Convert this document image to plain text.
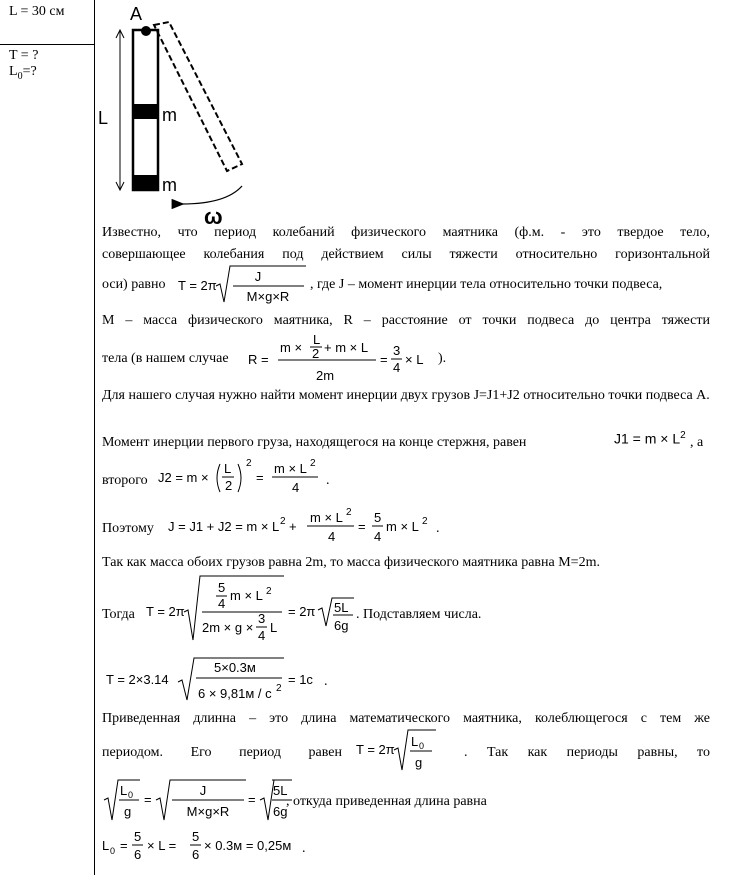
L = 30 см
T = ?
$L_0=$?
L	m
m
A
ω
Известно, что период колебаний физического маятника (ф.м. - это твердое тело,
совершающее колебания под действием силы тяжести относительно горизонтальной
оси) равно T = 2π
J
M×g×R
, где J – момент инерции тела относительно точки подвеса,
M – масса физического маятника, R – расстояние от точки подвеса до центра тяжести
тела (в нашем случае	R =
m ×
L
2 + m × L
2m
=
3
4
× L ).
Для нашего случая нужно найти момент инерции двух грузов J=J1+J2 относительно точки подвеса A.
Момент инерции первого груза, находящегося на конце стержня, равен	$J1 = m \times L^2$ , а
второго J2 = m ×
L
2
2
=
m × L 2
4 .
Поэтому	J = J1 + J2 = m × L 2 +
m × L 2
4
=
5
4
m × L 2 .
Так как масса обоих грузов равна 2m, то масса физического маятника равна M=2m.
Тогда T = 2π
5
4
m × L 2
2m × g ×
3
4
L
= 2π 5L
6g
. Подставляем числа.
T = 2×3.14
5×0.3м
6 × 9,81м / с 2
= 1с .
Приведенная длинна – это длина математического маятника, колеблющегося с тем же
периодом. Его период равен T = 2π
L 0
g
. Так как периоды равны, то
L 0
g
=
J
M×g×R
=
5L
6g
, откуда приведенная длина равна
L 0 =
5
6
× L =
5
6
× 0.3м = 0,25м .
